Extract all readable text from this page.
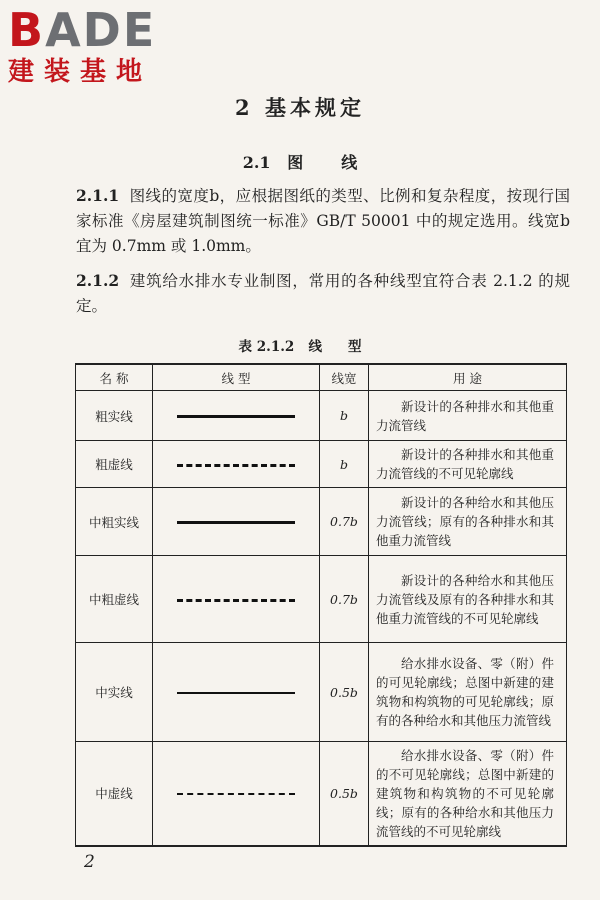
BADE
建装基地
2 基本规定
2.1 图 线
2.1.1 图线的宽度b，应根据图纸的类型、比例和复杂程度，按现行国家标准《房屋建筑制图统一标准》GB/T 50001 中的规定选用。线宽b宜为 0.7mm 或 1.0mm。
2.1.2 建筑给水排水专业制图，常用的各种线型宜符合表 2.1.2 的规定。
表 2.1.2 线 型
名 称	线 型	线宽	用 途
粗实线		b	新设计的各种排水和其他重力流管线
粗虚线		b	新设计的各种排水和其他重力流管线的不可见轮廓线
中粗实线		0.7b	新设计的各种给水和其他压力流管线；原有的各种排水和其他重力流管线
中粗虚线		0.7b	新设计的各种给水和其他压力流管线及原有的各种排水和其他重力流管线的不可见轮廓线
中实线		0.5b	给水排水设备、零（附）件的可见轮廓线；总图中新建的建筑物和构筑物的可见轮廓线；原有的各种给水和其他压力流管线
中虚线		0.5b	给水排水设备、零（附）件的不可见轮廓线；总图中新建的建筑物和构筑物的不可见轮廓线；原有的各种给水和其他压力流管线的不可见轮廓线
2
